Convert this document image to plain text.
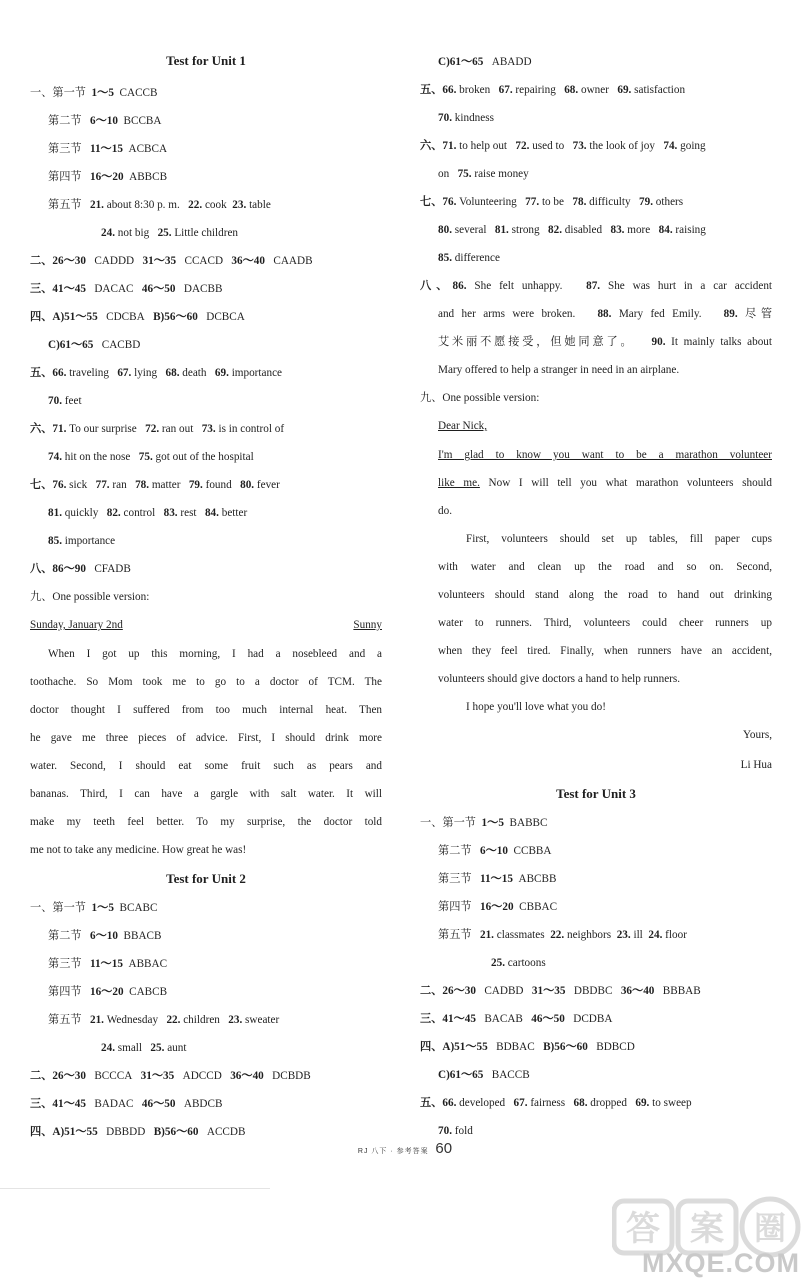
Test for Unit 1
一、第一节 1～5 CACCB
第二节 6～10 BCCBA
第三节 11～15 ACBCA
第四节 16～20 ABBCB
第五节 21. about 8:30 p. m. 22. cook 23. table
24. not big 25. Little children
二、26～30 CADDD 31～35 CCACD 36～40 CAADB
三、41～45 DACAC 46～50 DACBB
四、A)51～55 CDCBA B)56～60 DCBCA
C)61～65 CACBD
五、66. traveling 67. lying 68. death 69. importance
70. feet
六、71. To our surprise 72. ran out 73. is in control of
74. hit on the nose 75. got out of the hospital
七、76. sick 77. ran 78. matter 79. found 80. fever
81. quickly 82. control 83. rest 84. better
85. importance
八、86～90 CFADB
九、One possible version:
Sunday, January 2nd	Sunny
When I got up this morning, I had a nosebleed and a
toothache. So Mom took me to go to a doctor of TCM. The
doctor thought I suffered from too much internal heat. Then
he gave me three pieces of advice. First, I should drink more
water. Second, I should eat some fruit such as pears and
bananas. Third, I can have a gargle with salt water. It will
make my teeth feel better. To my surprise, the doctor told
me not to take any medicine. How great he was!
Test for Unit 2
一、第一节 1～5 BCABC
第二节 6～10 BBACB
第三节 11～15 ABBAC
第四节 16～20 CABCB
第五节 21. Wednesday 22. children 23. sweater
24. small 25. aunt
二、26～30 BCCCA 31～35 ADCCD 36～40 DCBDB
三、41～45 BADAC 46～50 ABDCB
四、A)51～55 DBBDD B)56～60 ACCDB
C)61～65 ABADD
五、66. broken 67. repairing 68. owner 69. satisfaction
70. kindness
六、71. to help out 72. used to 73. the look of joy 74. going
on 75. raise money
七、76. Volunteering 77. to be 78. difficulty 79. others
80. several 81. strong 82. disabled 83. more 84. raising
85. difference
八、86. She felt unhappy. 87. She was hurt in a car accident
and her arms were broken. 88. Mary fed Emily. 89. 尽管
艾米丽不愿接受，但她同意了。 90. It mainly talks about
Mary offered to help a stranger in need in an airplane.
九、One possible version:
Dear Nick,
I'm glad to know you want to be a marathon volunteer
like me. Now I will tell you what marathon volunteers should
do.
First, volunteers should set up tables, fill paper cups
with water and clean up the road and so on. Second,
volunteers should stand along the road to hand out drinking
water to runners. Third, volunteers could cheer runners up
when they feel tired. Finally, when runners have an accident,
volunteers should give doctors a hand to help runners.
I hope you'll love what you do!
Yours,
Li Hua
Test for Unit 3
一、第一节 1～5 BABBC
第二节 6～10 CCBBA
第三节 11～15 ABCBB
第四节 16～20 CBBAC
第五节 21. classmates 22. neighbors 23. ill 24. floor
25. cartoons
二、26～30 CADBD 31～35 DBDBC 36～40 BBBAB
三、41～45 BACAB 46～50 DCDBA
四、A)51～55 BDBAC B)56～60 BDBCD
C)61～65 BACCB
五、66. developed 67. fairness 68. dropped 69. to sweep
70. fold
RJ 八下 · 参考答案 60
答 案 圈
MXQE.COM
